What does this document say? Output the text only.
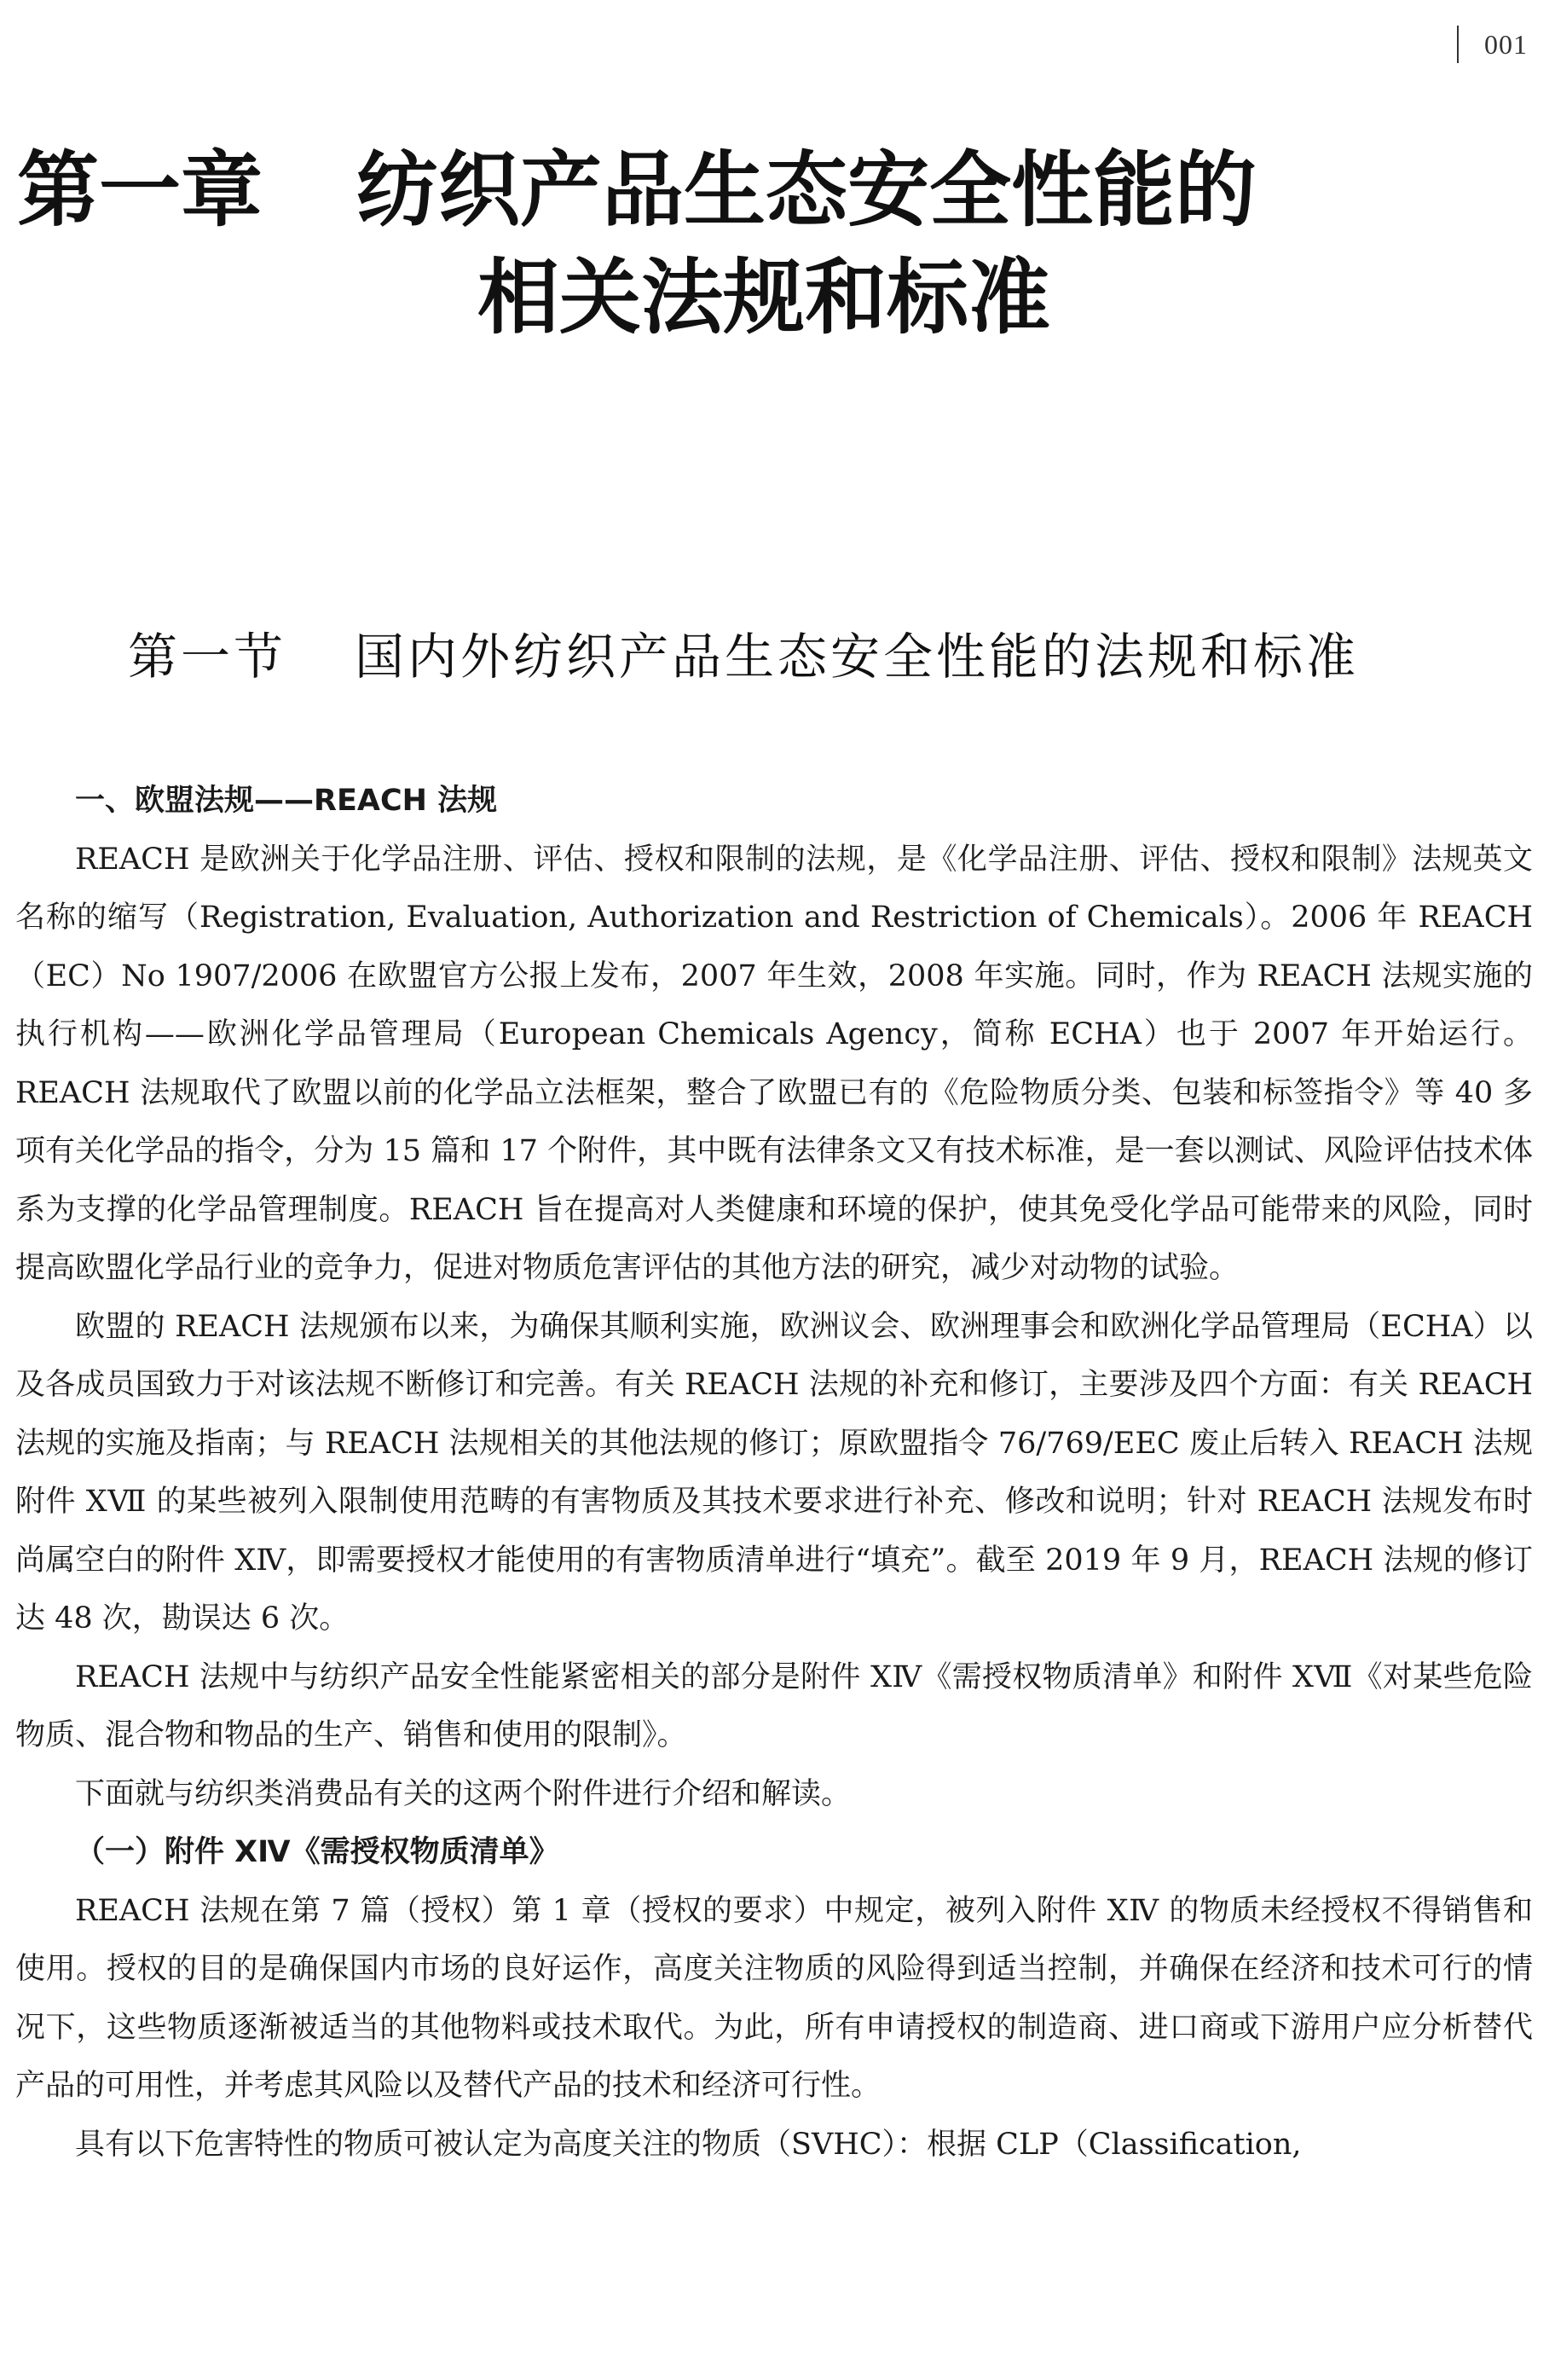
001
第一章 纺织产品生态安全性能的
相关法规和标准
第一节 国内外纺织产品生态安全性能的法规和标准

一、欧盟法规——REACH 法规

REACH 是欧洲关于化学品注册、评估、授权和限制的法规，是《化学品注册、评估、授权和限制》法规英文名称的缩写（Registration, Evaluation, Authorization and Restriction of Chemicals）。2006 年 REACH（EC）No 1907/2006 在欧盟官方公报上发布，2007 年生效，2008 年实施。同时，作为 REACH 法规实施的执行机构——欧洲化学品管理局（European Chemicals Agency，简称 ECHA）也于 2007 年开始运行。REACH 法规取代了欧盟以前的化学品立法框架，整合了欧盟已有的《危险物质分类、包装和标签指令》等 40 多项有关化学品的指令，分为 15 篇和 17 个附件，其中既有法律条文又有技术标准，是一套以测试、风险评估技术体系为支撑的化学品管理制度。REACH 旨在提高对人类健康和环境的保护，使其免受化学品可能带来的风险，同时提高欧盟化学品行业的竞争力，促进对物质危害评估的其他方法的研究，减少对动物的试验。

欧盟的 REACH 法规颁布以来，为确保其顺利实施，欧洲议会、欧洲理事会和欧洲化学品管理局（ECHA）以及各成员国致力于对该法规不断修订和完善。有关 REACH 法规的补充和修订，主要涉及四个方面：有关 REACH 法规的实施及指南；与 REACH 法规相关的其他法规的修订；原欧盟指令 76/769/EEC 废止后转入 REACH 法规附件 XⅦ 的某些被列入限制使用范畴的有害物质及其技术要求进行补充、修改和说明；针对 REACH 法规发布时尚属空白的附件 XⅣ，即需要授权才能使用的有害物质清单进行“填充”。截至 2019 年 9 月，REACH 法规的修订达 48 次，勘误达 6 次。

REACH 法规中与纺织产品安全性能紧密相关的部分是附件 XⅣ《需授权物质清单》和附件 XⅦ《对某些危险物质、混合物和物品的生产、销售和使用的限制》。

下面就与纺织类消费品有关的这两个附件进行介绍和解读。

（一）附件 XⅣ《需授权物质清单》

REACH 法规在第 7 篇（授权）第 1 章（授权的要求）中规定，被列入附件 XⅣ 的物质未经授权不得销售和使用。授权的目的是确保国内市场的良好运作，高度关注物质的风险得到适当控制，并确保在经济和技术可行的情况下，这些物质逐渐被适当的其他物料或技术取代。为此，所有申请授权的制造商、进口商或下游用户应分析替代产品的可用性，并考虑其风险以及替代产品的技术和经济可行性。

具有以下危害特性的物质可被认定为高度关注的物质（SVHC）：根据 CLP（Classification,
